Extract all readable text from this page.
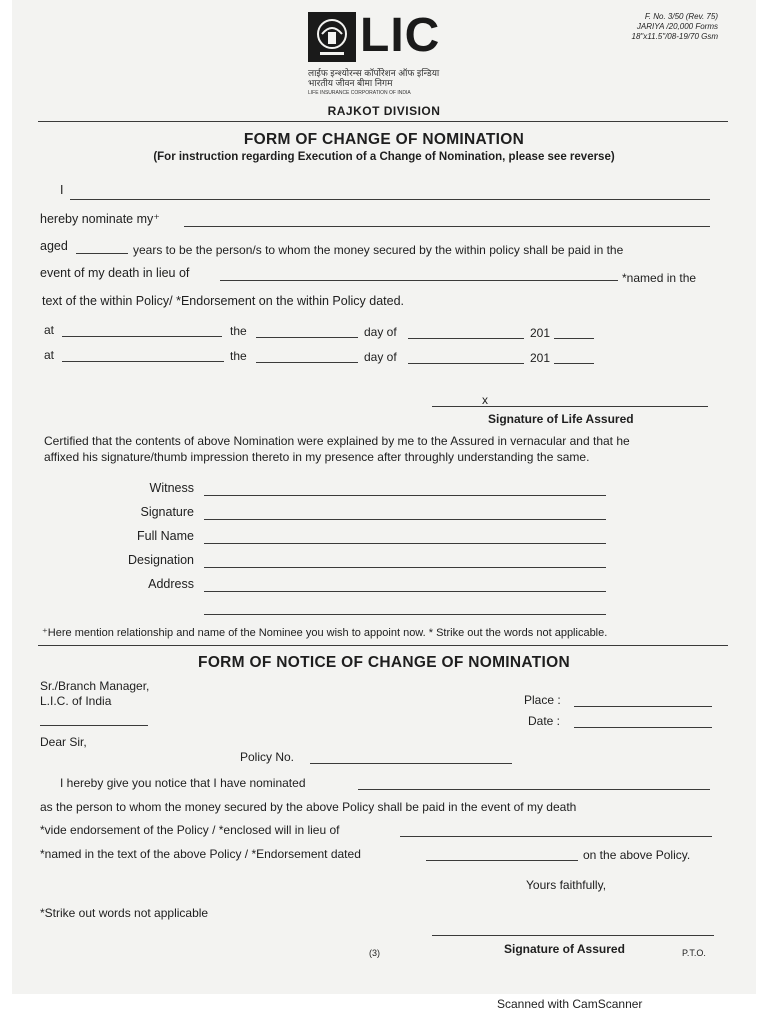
LIC	F. No. 3/50 (Rev. 75)
JARIYA /20,000 Forms
18"x11.5"/08-19/70 Gsm
लाईफ इन्श्योरन्स कॉर्पोरेशन ऑफ इन्डिया
भारतीय जीवन बीमा निगम
LIFE INSURANCE CORPORATION OF INDIA
RAJKOT DIVISION
FORM OF CHANGE OF NOMINATION
(For instruction regarding Execution of a Change of Nomination, please see reverse)
I
hereby nominate my⁺
aged	years to be the person/s to whom the money secured by the within policy shall be paid in the
event of my death in lieu of	*named in the
text of the within Policy/ *Endorsement on the within Policy dated.
at	the	day of	201
at	the	day of	201
x
Signature of Life Assured
Certified that the contents of above Nomination were explained by me to the Assured in vernacular and that he
affixed his signature/thumb impression thereto in my presence after throughly understanding the same.
Witness
Signature
Full Name
Designation
Address
⁺Here mention relationship and name of the Nominee you wish to appoint now. * Strike out the words not applicable.
FORM OF NOTICE OF CHANGE OF NOMINATION
Sr./Branch Manager,
L.I.C. of India	Place :
Date :
Dear Sir,
Policy No.
I hereby give you notice that I have nominated
as the person to whom the money secured by the above Policy shall be paid in the event of my death
*vide endorsement of the Policy / *enclosed will in lieu of
*named in the text of the above Policy / *Endorsement dated	on the above Policy.
Yours faithfully,
*Strike out words not applicable
(3)	Signature of Assured	P.T.O.
Scanned with CamScanner
